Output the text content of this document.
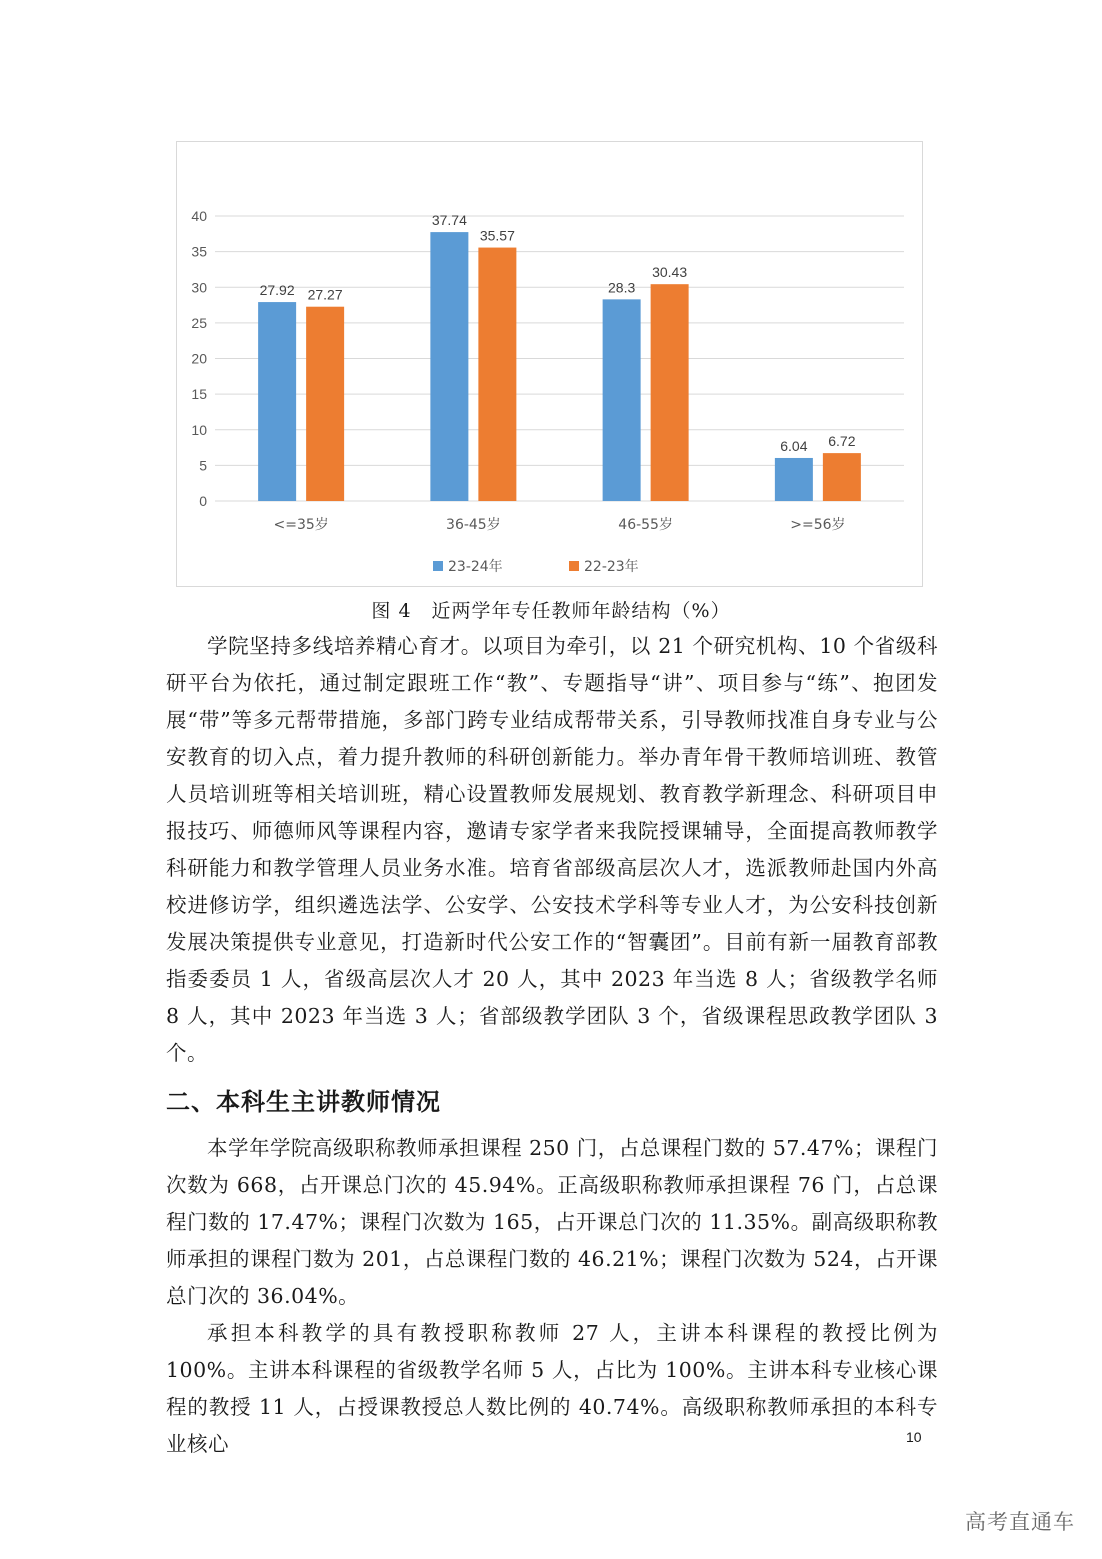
0
5
10
15
20
25
30
35
40
27.92 27.27
<=35岁
37.74
35.57
36-45岁
28.3
30.43
46-55岁
6.04 6.72
>=56岁
23-24年	22-23年
图 4　近两学年专任教师年龄结构（%）

学院坚持多线培养精心育才。以项目为牵引，以 21 个研究机构、10 个省级科研平台为依托，通过制定跟班工作“教”、专题指导“讲”、项目参与“练”、抱团发展“带”等多元帮带措施，多部门跨专业结成帮带关系，引导教师找准自身专业与公安教育的切入点，着力提升教师的科研创新能力。举办青年骨干教师培训班、教管人员培训班等相关培训班，精心设置教师发展规划、教育教学新理念、科研项目申报技巧、师德师风等课程内容，邀请专家学者来我院授课辅导，全面提高教师教学科研能力和教学管理人员业务水准。培育省部级高层次人才，选派教师赴国内外高校进修访学，组织遴选法学、公安学、公安技术学科等专业人才，为公安科技创新发展决策提供专业意见，打造新时代公安工作的“智囊团”。目前有新一届教育部教指委委员 1 人，省级高层次人才 20 人，其中 2023 年当选 8 人；省级教学名师 8 人，其中 2023 年当选 3 人；省部级教学团队 3 个，省级课程思政教学团队 3 个。

二、本科生主讲教师情况

本学年学院高级职称教师承担课程 250 门，占总课程门数的 57.47%；课程门次数为 668，占开课总门次的 45.94%。正高级职称教师承担课程 76 门，占总课程门数的 17.47%；课程门次数为 165，占开课总门次的 11.35%。副高级职称教师承担的课程门数为 201，占总课程门数的 46.21%；课程门次数为 524，占开课总门次的 36.04%。

承担本科教学的具有教授职称教师 27 人，主讲本科课程的教授比例为 100%。主讲本科课程的省级教学名师 5 人，占比为 100%。主讲本科专业核心课程的教授 11 人，占授课教授总人数比例的 40.74%。高级职称教师承担的本科专业核心	10
高考直通车
